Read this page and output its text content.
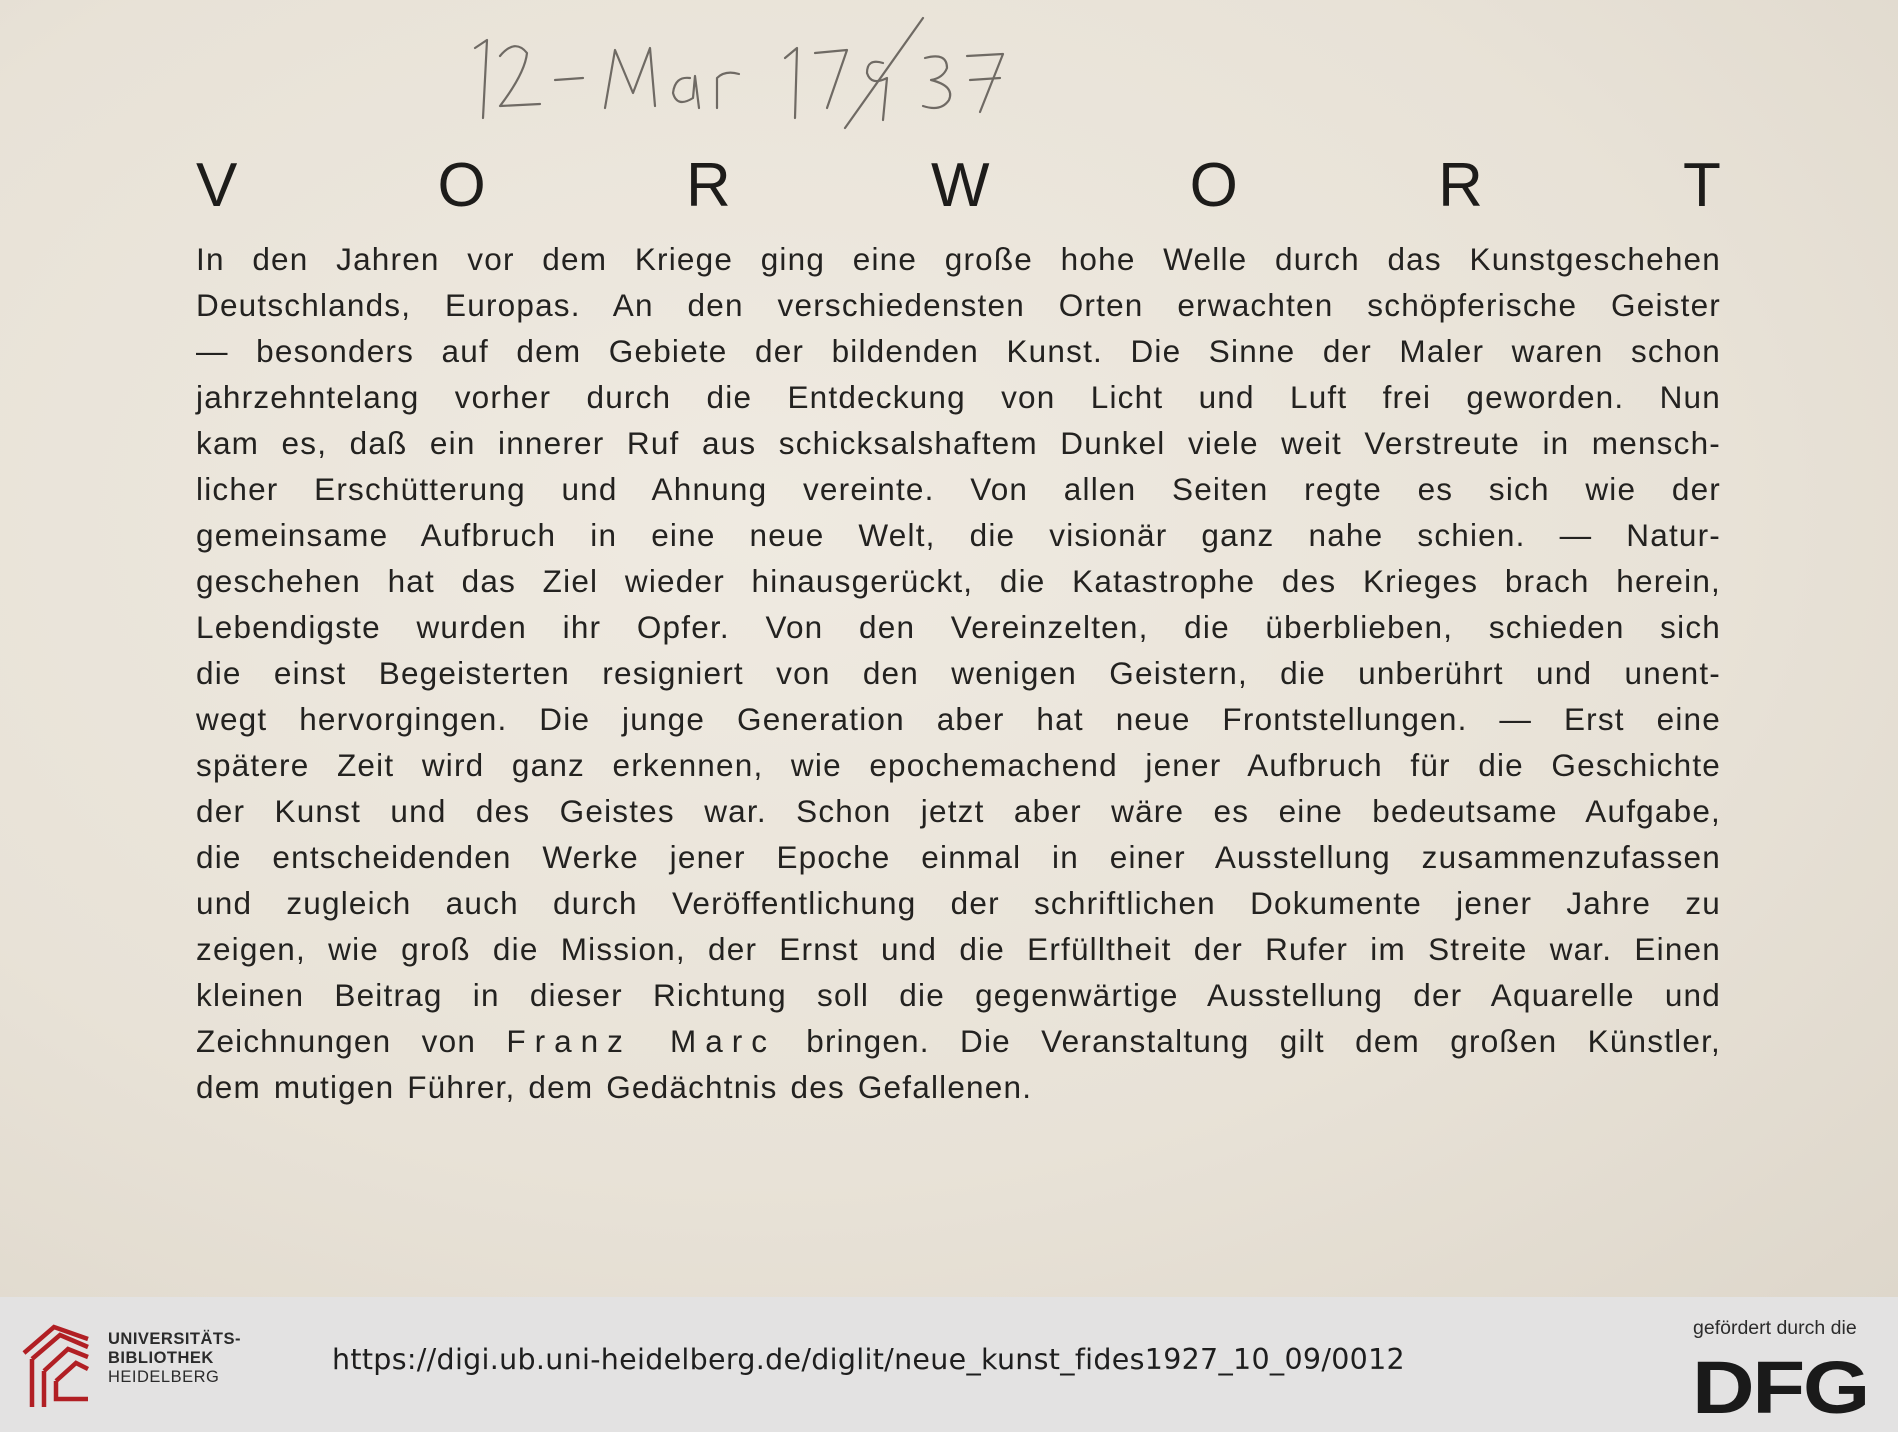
V	O	R	W	O	R	T

In den Jahren vor dem Kriege ging eine große hohe Welle durch das Kunstgeschehen

Deutschlands, Europas. An den verschiedensten Orten erwachten schöpferische Geister

— besonders auf dem Gebiete der bildenden Kunst. Die Sinne der Maler waren schon

jahrzehntelang vorher durch die Entdeckung von Licht und Luft frei geworden. Nun

kam es, daß ein innerer Ruf aus schicksalshaftem Dunkel viele weit Verstreute in mensch-

licher Erschütterung und Ahnung vereinte. Von allen Seiten regte es sich wie der

gemeinsame Aufbruch in eine neue Welt, die visionär ganz nahe schien. — Natur-

geschehen hat das Ziel wieder hinausgerückt, die Katastrophe des Krieges brach herein,

Lebendigste wurden ihr Opfer. Von den Vereinzelten, die überblieben, schieden sich

die einst Begeisterten resigniert von den wenigen Geistern, die unberührt und unent-

wegt hervorgingen. Die junge Generation aber hat neue Frontstellungen. — Erst eine

spätere Zeit wird ganz erkennen, wie epochemachend jener Aufbruch für die Geschichte

der Kunst und des Geistes war. Schon jetzt aber wäre es eine bedeutsame Aufgabe,

die entscheidenden Werke jener Epoche einmal in einer Ausstellung zusammenzufassen

und zugleich auch durch Veröffentlichung der schriftlichen Dokumente jener Jahre zu

zeigen, wie groß die Mission, der Ernst und die Erfülltheit der Rufer im Streite war. Einen

kleinen Beitrag in dieser Richtung soll die gegenwärtige Ausstellung der Aquarelle und

Zeichnungen von Franz Marc bringen. Die Veranstaltung gilt dem großen Künstler,

dem mutigen Führer, dem Gedächtnis des Gefallenen.

UNIVERSITÄTS-
BIBLIOTHEK
HEIDELBERG
https://digi.ub.uni-heidelberg.de/diglit/neue_kunst_fides1927_10_09/0012
gefördert durch die
DFG
